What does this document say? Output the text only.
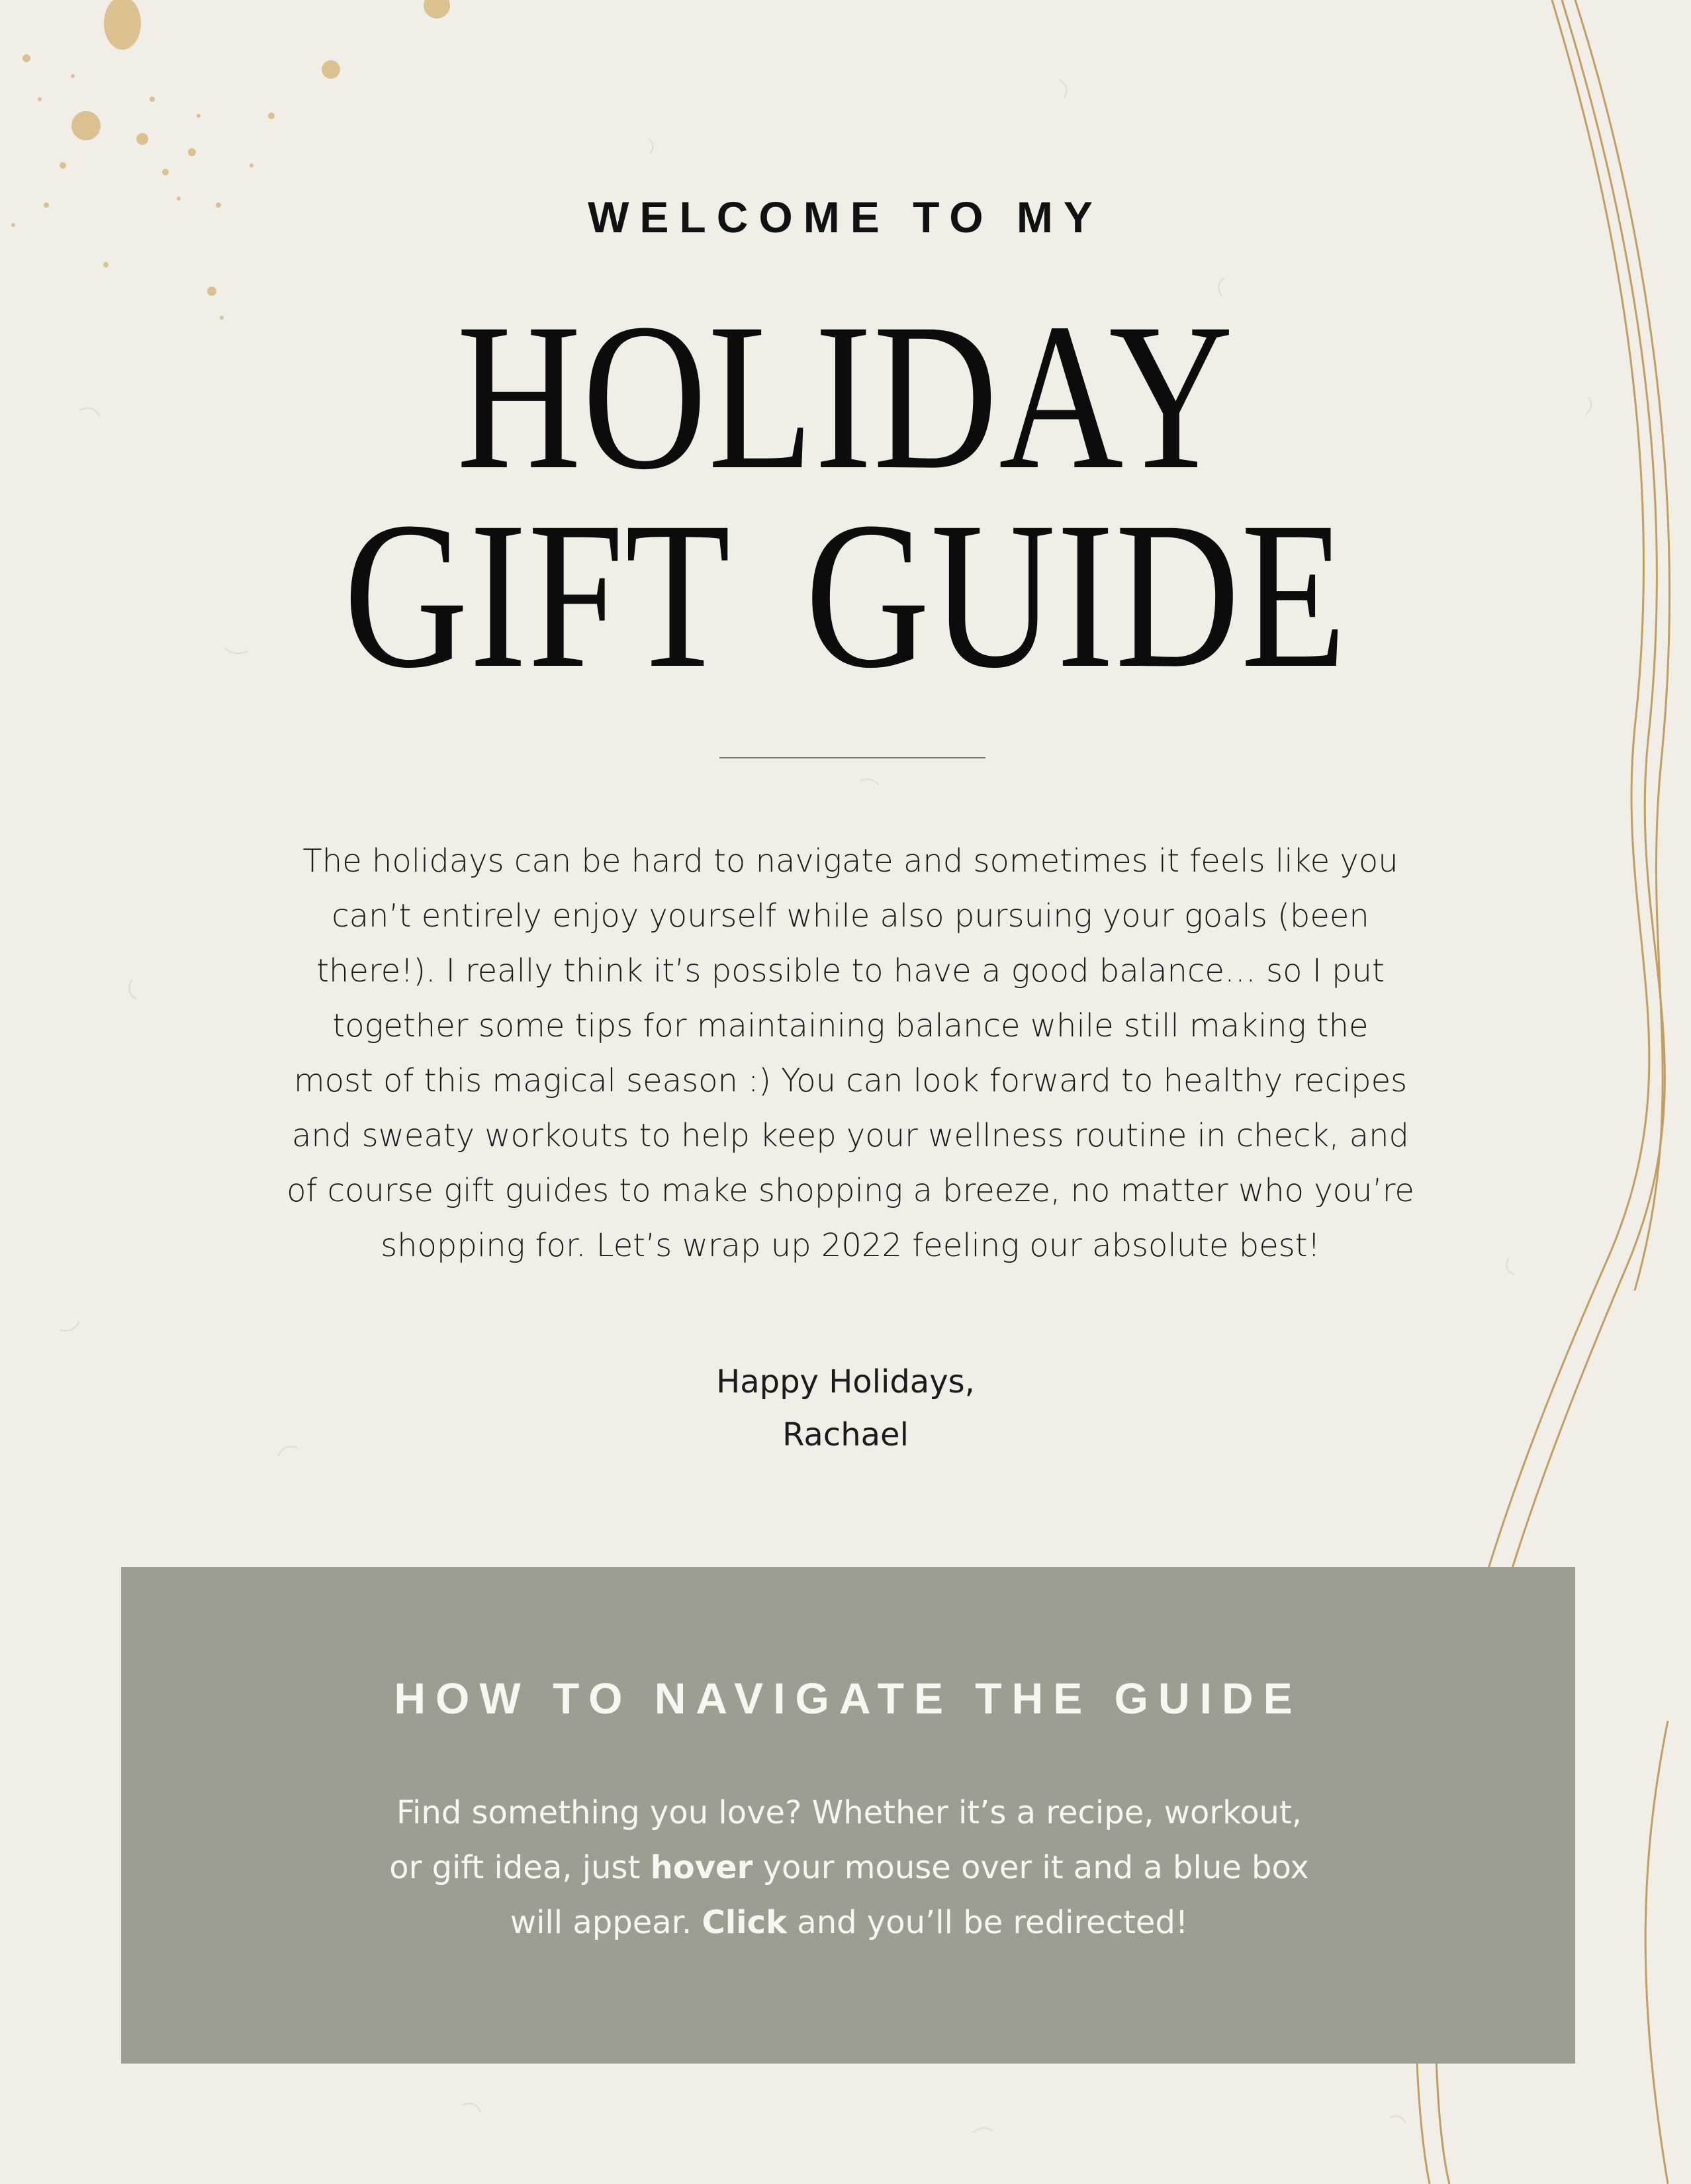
WELCOME TO MY
HOLIDAY
GIFT GUIDE
The holidays can be hard to navigate and sometimes it feels like you
can’t entirely enjoy yourself while also pursuing your goals (been
there!). I really think it’s possible to have a good balance… so I put
together some tips for maintaining balance while still making the
most of this magical season :) You can look forward to healthy recipes
and sweaty workouts to help keep your wellness routine in check, and
of course gift guides to make shopping a breeze, no matter who you’re
shopping for. Let’s wrap up 2022 feeling our absolute best!
Happy Holidays,
Rachael
HOW TO NAVIGATE THE GUIDE
Find something you love? Whether it’s a recipe, workout,
or gift idea, just hover your mouse over it and a blue box
will appear. Click and you’ll be redirected!
